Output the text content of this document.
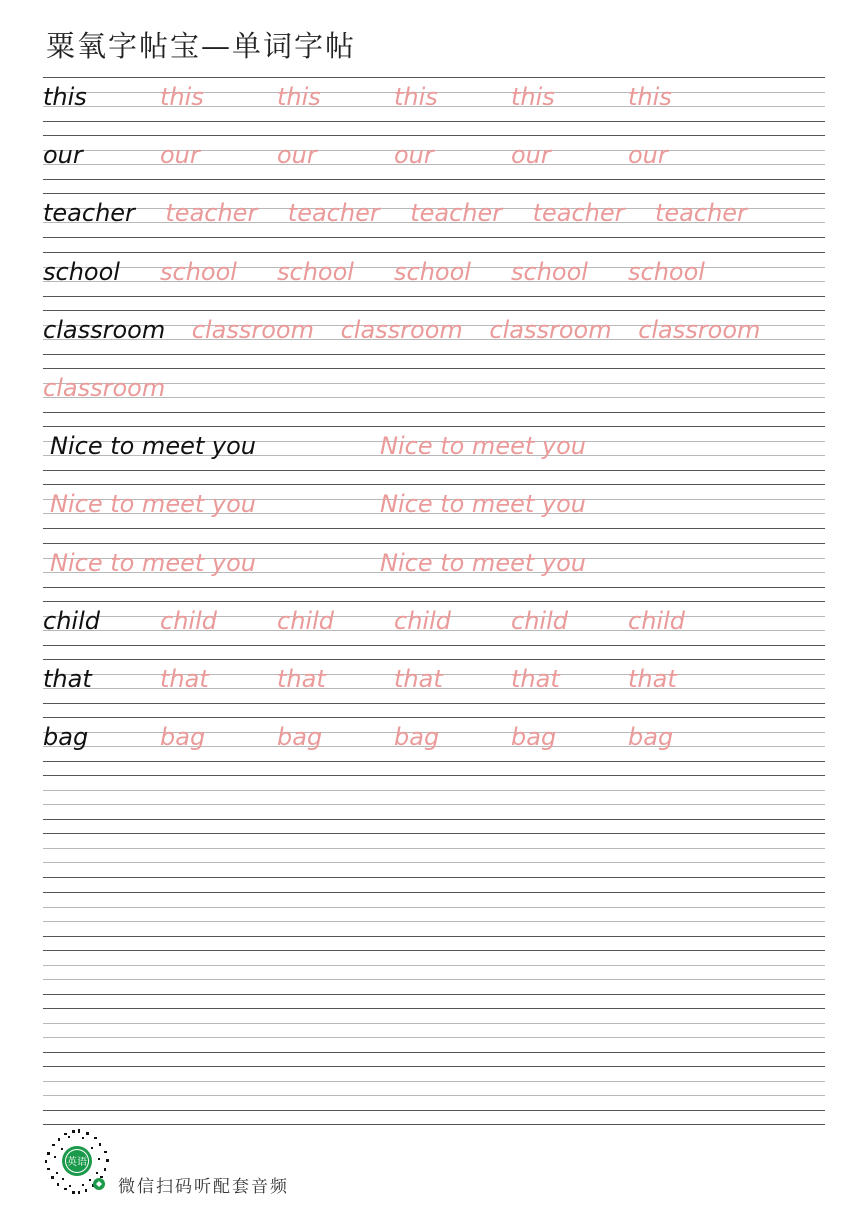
粟氧字帖宝—单词字帖
this	this	this	this	this	this
our	our	our	our	our	our
teacher teacher teacher teacher teacher teacher
school school school school school school
classroom classroom classroom classroom classroom
classroom
Nice to meet you	Nice to meet you
Nice to meet you	Nice to meet you
Nice to meet you	Nice to meet you
child	child	child	child	child	child
that	that	that	that	that	that
bag	bag	bag	bag	bag	bag
英语
微信扫码听配套音频
